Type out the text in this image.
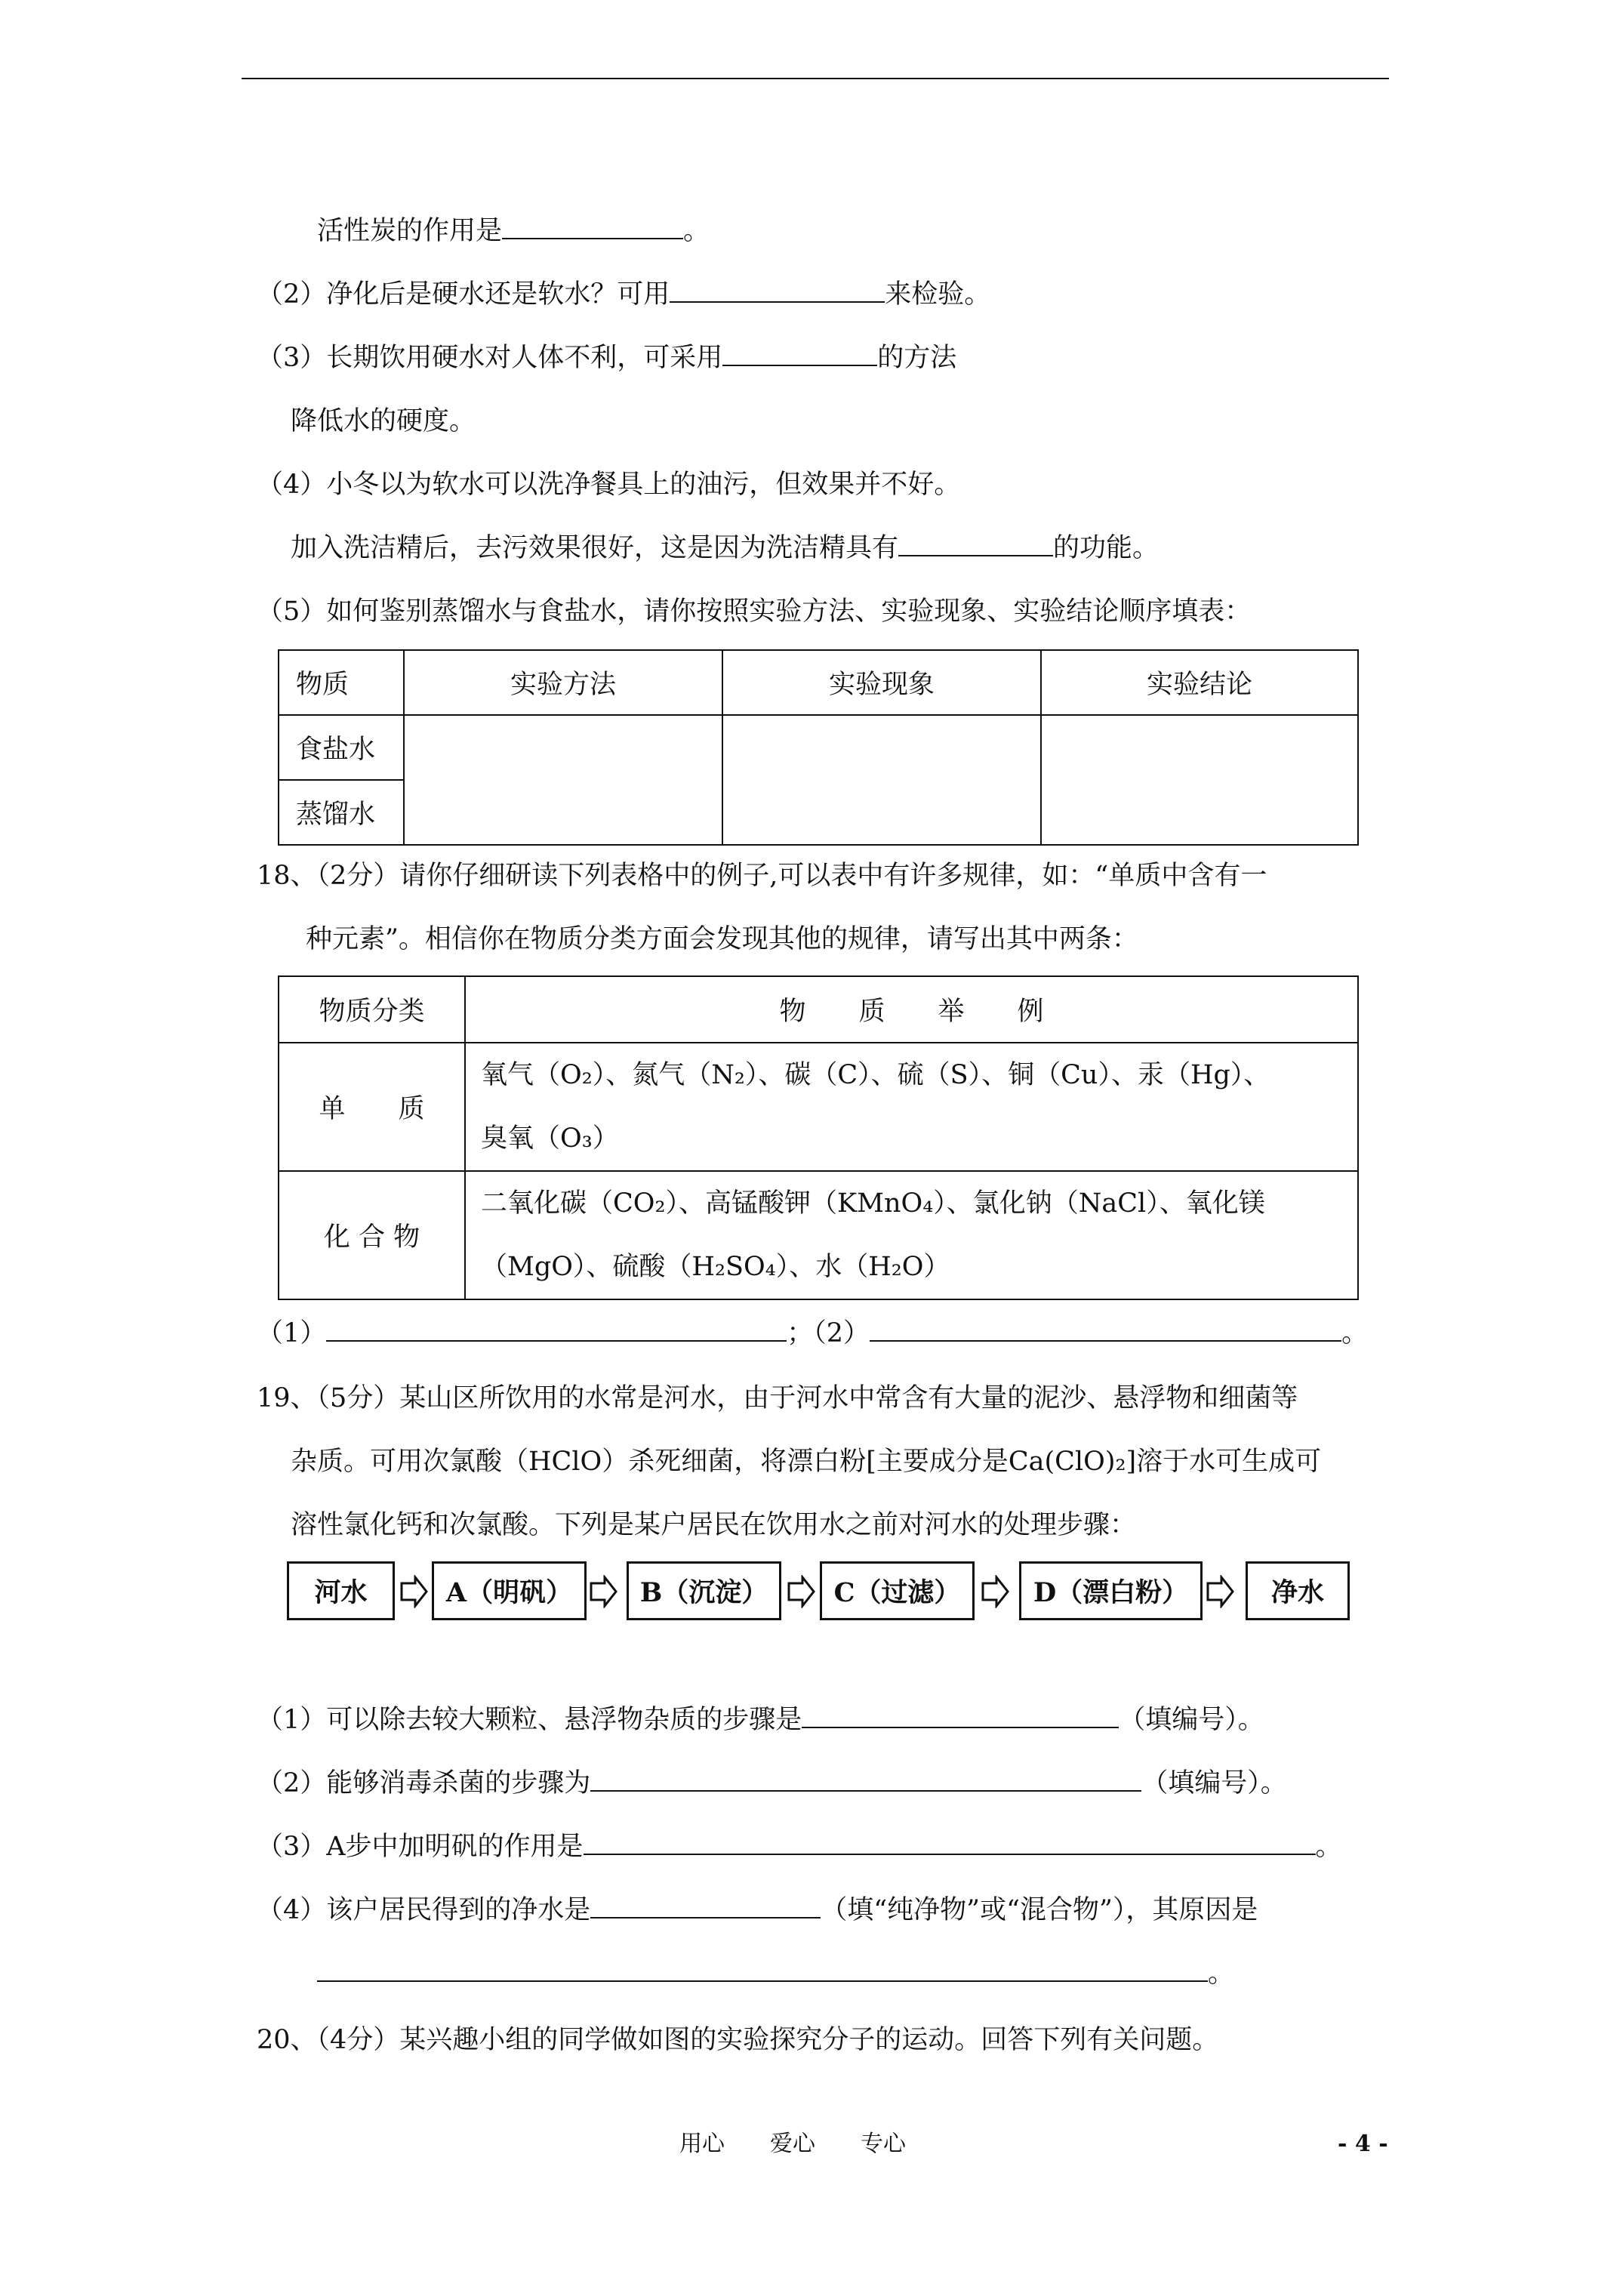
活性炭的作用是	。
（2）净化后是硬水还是软水？可用	来检验。
（3）长期饮用硬水对人体不利，可采用	的方法
降低水的硬度。
（4）小冬以为软水可以洗净餐具上的油污，但效果并不好。
加入洗洁精后，去污效果很好，这是因为洗洁精具有	的功能。
（5）如何鉴别蒸馏水与食盐水，请你按照实验方法、实验现象、实验结论顺序填表：
物质	实验方法	实验现象	实验结论
食盐水			
蒸馏水			
18、（2分）请你仔细研读下列表格中的例子,可以表中有许多规律，如：“单质中含有一
种元素”。相信你在物质分类方面会发现其他的规律，请写出其中两条：
物质分类	物　　质　　举　　例
单　　质	氧气（O₂）、氮气（N₂）、碳（C）、硫（S）、铜（Cu）、汞（Hg）、
臭氧（O₃）

化 合 物	二氧化碳（CO₂）、高锰酸钾（KMnO₄）、氯化钠（NaCl）、氧化镁
（MgO）、硫酸（H₂SO₄）、水（H₂O）
（1）	；（2）	。
19、（5分）某山区所饮用的水常是河水，由于河水中常含有大量的泥沙、悬浮物和细菌等
杂质。可用次氯酸（HClO）杀死细菌，将漂白粉[主要成分是Ca(ClO)₂]溶于水可生成可
溶性氯化钙和次氯酸。下列是某户居民在饮用水之前对河水的处理步骤：
河水	A（明矾）	B（沉淀）	C（过滤）	D（漂白粉）	净水
（1）可以除去较大颗粒、悬浮物杂质的步骤是	（填编号）。
（2）能够消毒杀菌的步骤为	（填编号）。
（3）A步中加明矾的作用是	。
（4）该户居民得到的净水是	（填“纯净物”或“混合物”），其原因是
。
20、（4分）某兴趣小组的同学做如图的实验探究分子的运动。回答下列有关问题。
用心　　爱心　　专心	- 4 -
